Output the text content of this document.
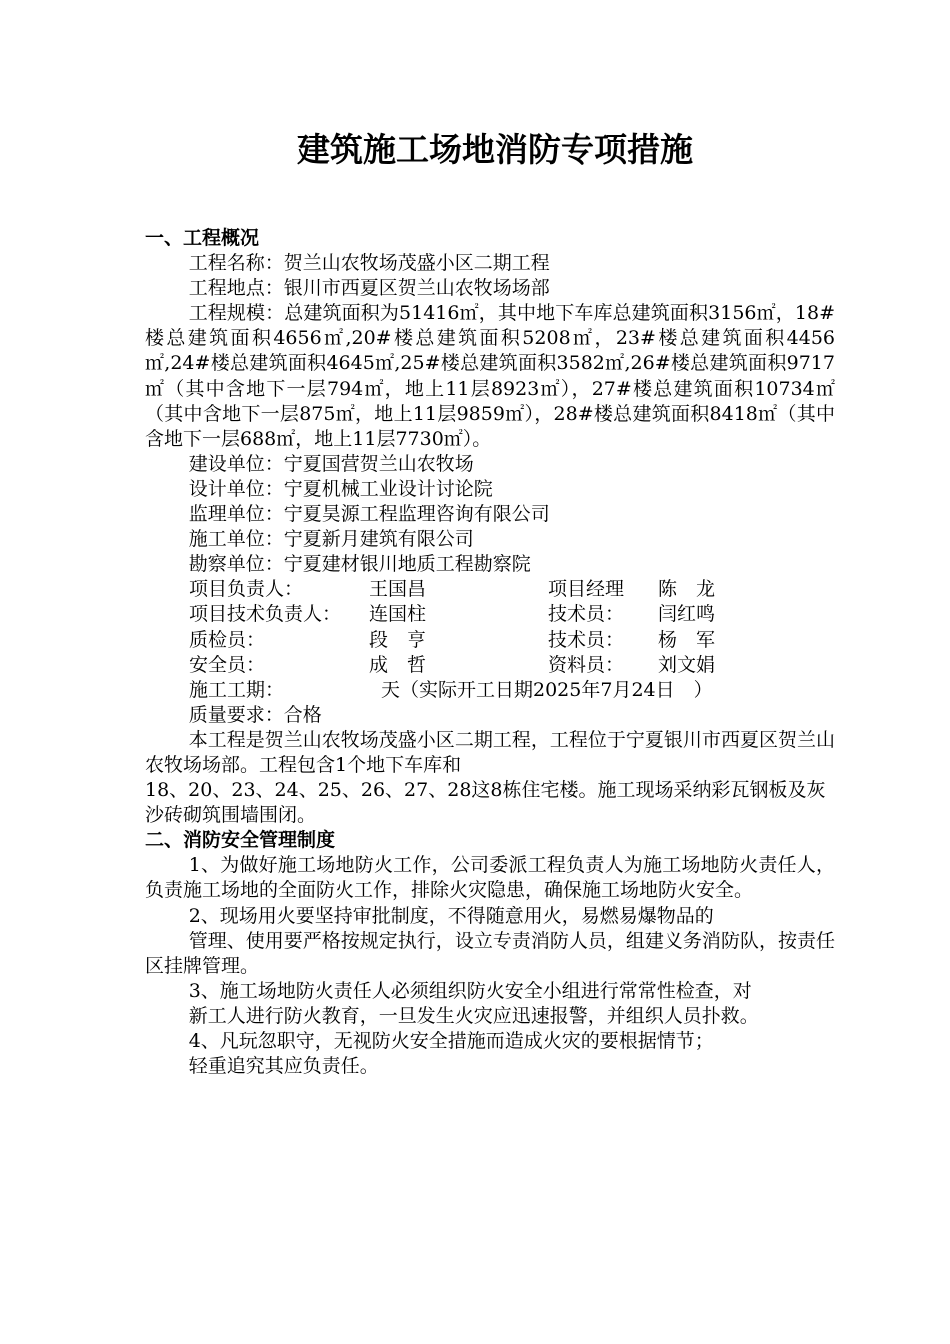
建筑施工场地消防专项措施

一、工程概况

工程名称：贺兰山农牧场茂盛小区二期工程

工程地点：银川市西夏区贺兰山农牧场场部

工程规模：总建筑面积为51416㎡，其中地下车库总建筑面积3156㎡，18#楼总建筑面积4656㎡,20#楼总建筑面积5208㎡，23#楼总建筑面积4456㎡,24#楼总建筑面积4645㎡,25#楼总建筑面积3582㎡,26#楼总建筑面积9717㎡（其中含地下一层794㎡，地上11层8923㎡），27#楼总建筑面积10734㎡（其中含地下一层875㎡，地上11层9859㎡），28#楼总建筑面积8418㎡（其中含地下一层688㎡，地上11层7730㎡）。

建设单位：宁夏国营贺兰山农牧场

设计单位：宁夏机械工业设计讨论院

监理单位：宁夏昊源工程监理咨询有限公司

施工单位：宁夏新月建筑有限公司

勘察单位：宁夏建材银川地质工程勘察院

项目负责人：	王国昌	项目经理 陈　龙
项目技术负责人： 连国柱	技术员： 闫红鸣
质检员：	段　亨	技术员： 杨　军
安全员：	成　哲	资料员： 刘文娟
施工工期：	天（实际开工日期2025年7月24日　）

质量要求：合格

本工程是贺兰山农牧场茂盛小区二期工程，工程位于宁夏银川市西夏区贺兰山农牧场场部。工程包含1个地下车库和

18、20、23、24、25、26、27、28这8栋住宅楼。施工现场采纳彩瓦钢板及灰沙砖砌筑围墙围闭。

二、消防安全管理制度

1、为做好施工场地防火工作，公司委派工程负责人为施工场地防火责任人，负责施工场地的全面防火工作，排除火灾隐患，确保施工场地防火安全。

2、现场用火要坚持审批制度，不得随意用火，易燃易爆物品的

管理、使用要严格按规定执行，设立专责消防人员，组建义务消防队，按责任区挂牌管理。

3、施工场地防火责任人必须组织防火安全小组进行常常性检查，对

新工人进行防火教育，一旦发生火灾应迅速报警，并组织人员扑救。

4、凡玩忽职守，无视防火安全措施而造成火灾的要根据情节；

轻重追究其应负责任。
